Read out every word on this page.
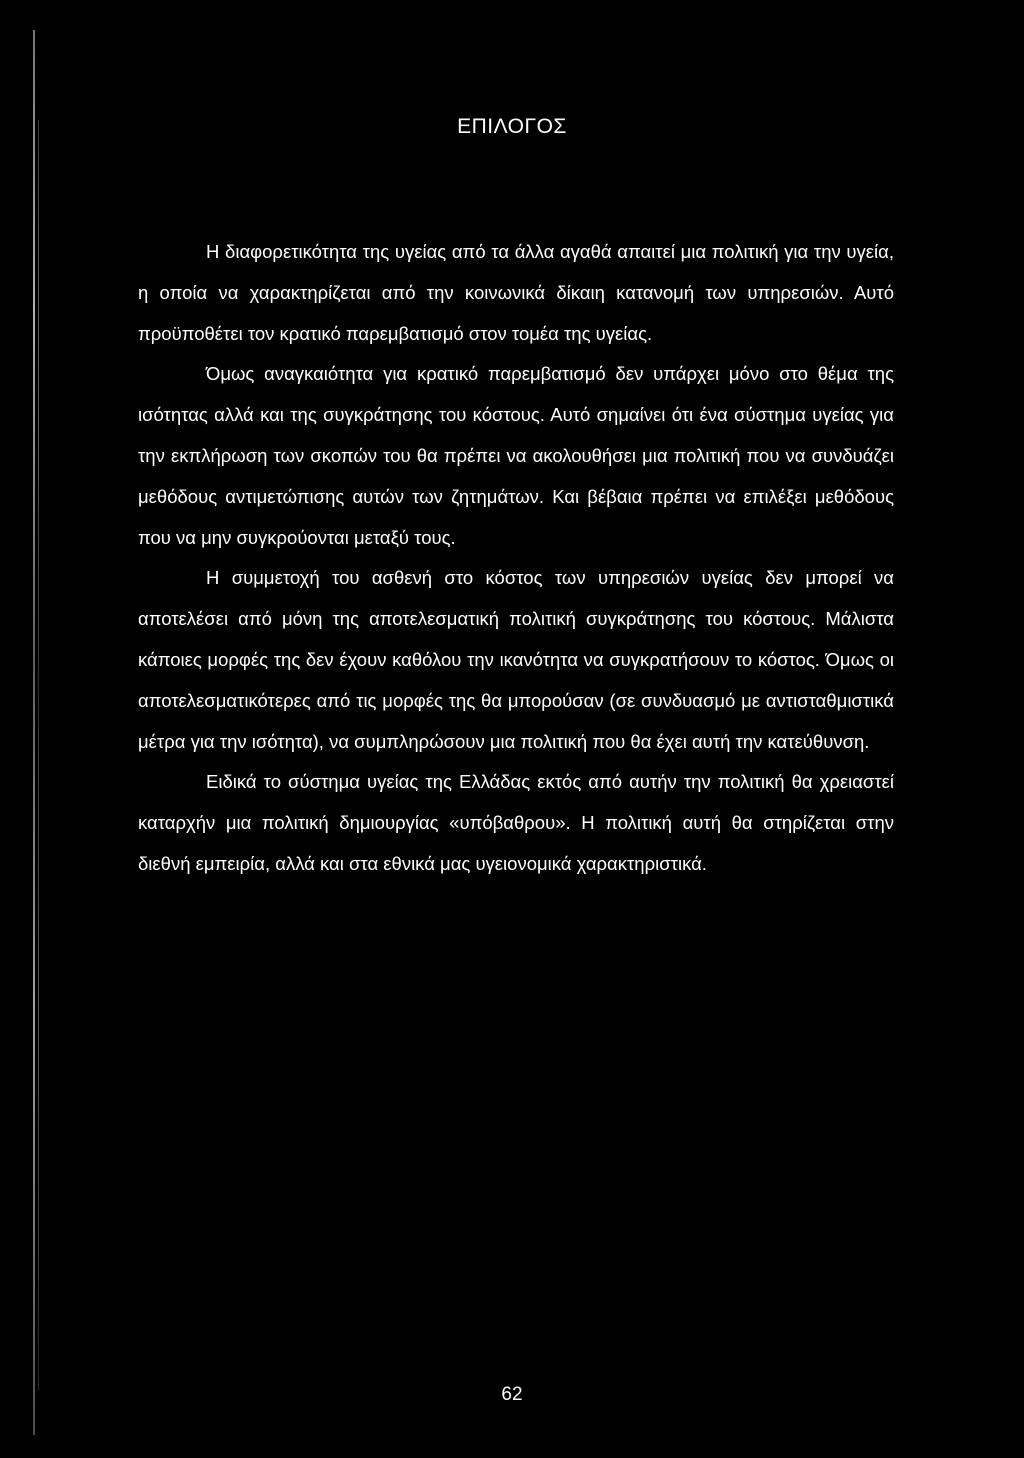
ΕΠΙΛΟΓΟΣ

Η διαφορετικότητα της υγείας από τα άλλα αγαθά απαιτεί μια πολιτική για την υγεία, η οποία να χαρακτηρίζεται από την κοινωνικά δίκαιη κατανομή των υπηρεσιών. Αυτό προϋποθέτει τον κρατικό παρεμβατισμό στον τομέα της υγείας.

Όμως αναγκαιότητα για κρατικό παρεμβατισμό δεν υπάρχει μόνο στο θέμα της ισότητας αλλά και της συγκράτησης του κόστους. Αυτό σημαίνει ότι ένα σύστημα υγείας για την εκπλήρωση των σκοπών του θα πρέπει να ακολουθήσει μια πολιτική που να συνδυάζει μεθόδους αντιμετώπισης αυτών των ζητημάτων. Και βέβαια πρέπει να επιλέξει μεθόδους που να μην συγκρούονται μεταξύ τους.

Η συμμετοχή του ασθενή στο κόστος των υπηρεσιών υγείας δεν μπορεί να αποτελέσει από μόνη της αποτελεσματική πολιτική συγκράτησης του κόστους. Μάλιστα κάποιες μορφές της δεν έχουν καθόλου την ικανότητα να συγκρατήσουν το κόστος. Όμως οι αποτελεσματικότερες από τις μορφές της θα μπορούσαν (σε συνδυασμό με αντισταθμιστικά μέτρα για την ισότητα), να συμπληρώσουν μια πολιτική που θα έχει αυτή την κατεύθυνση.

Ειδικά το σύστημα υγείας της Ελλάδας εκτός από αυτήν την πολιτική θα χρειαστεί καταρχήν μια πολιτική δημιουργίας «υπόβαθρου». Η πολιτική αυτή θα στηρίζεται στην διεθνή εμπειρία, αλλά και στα εθνικά μας υγειονομικά χαρακτηριστικά.

62
